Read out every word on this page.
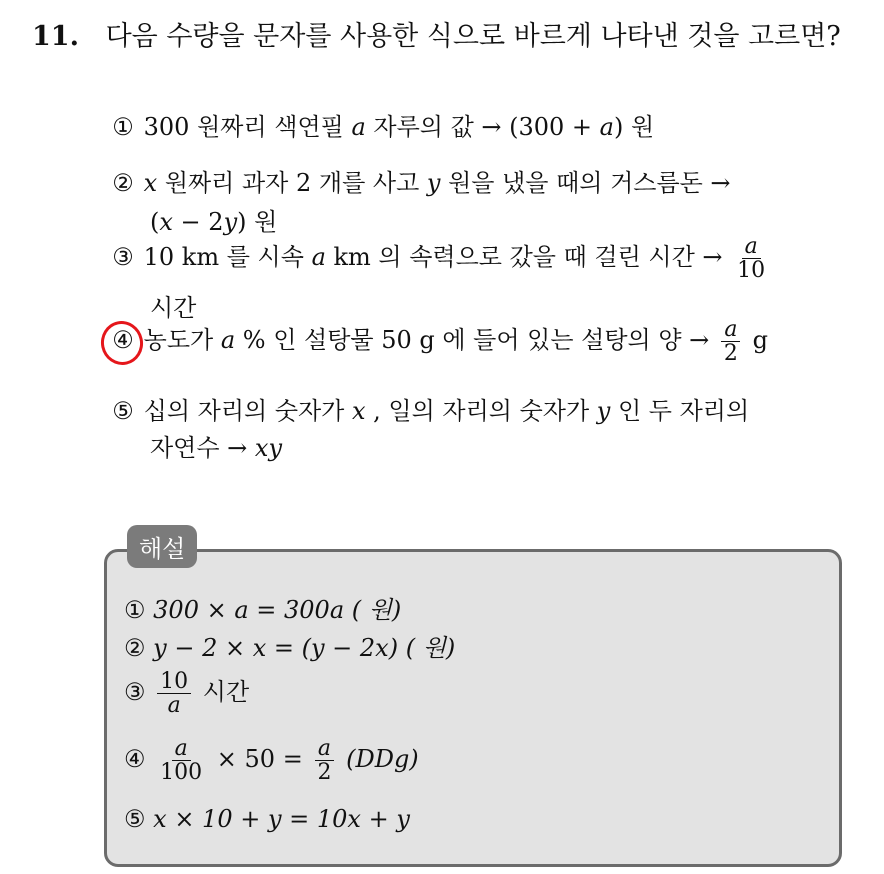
11. 다음 수량을 문자를 사용한 식으로 바르게 나타낸 것을 고르면?
① 300 원짜리 색연필 a 자루의 값 → (300 + a) 원
② x 원짜리 과자 2 개를 사고 y 원을 냈을 때의 거스름돈 →
(x − 2y) 원
③ 10 km 를 시속 a km 의 속력으로 갔을 때 걸린 시간 → $\frac{a}{10}$
시간
④ 농도가 a % 인 설탕물 50 g 에 들어 있는 설탕의 양 → $\frac{a}{2}$ g
⑤ 십의 자리의 숫자가 x , 일의 자리의 숫자가 y 인 두 자리의
자연수 → xy
해설
① 300 × a = 300a ( 원)
② y − 2 × x = (y − 2x) ( 원)
③ $\frac{10}{a}$ 시간
④ $\frac{a}{100} \times 50 = \frac{a}{2} (DDg)$
⑤ x × 10 + y = 10x + y
